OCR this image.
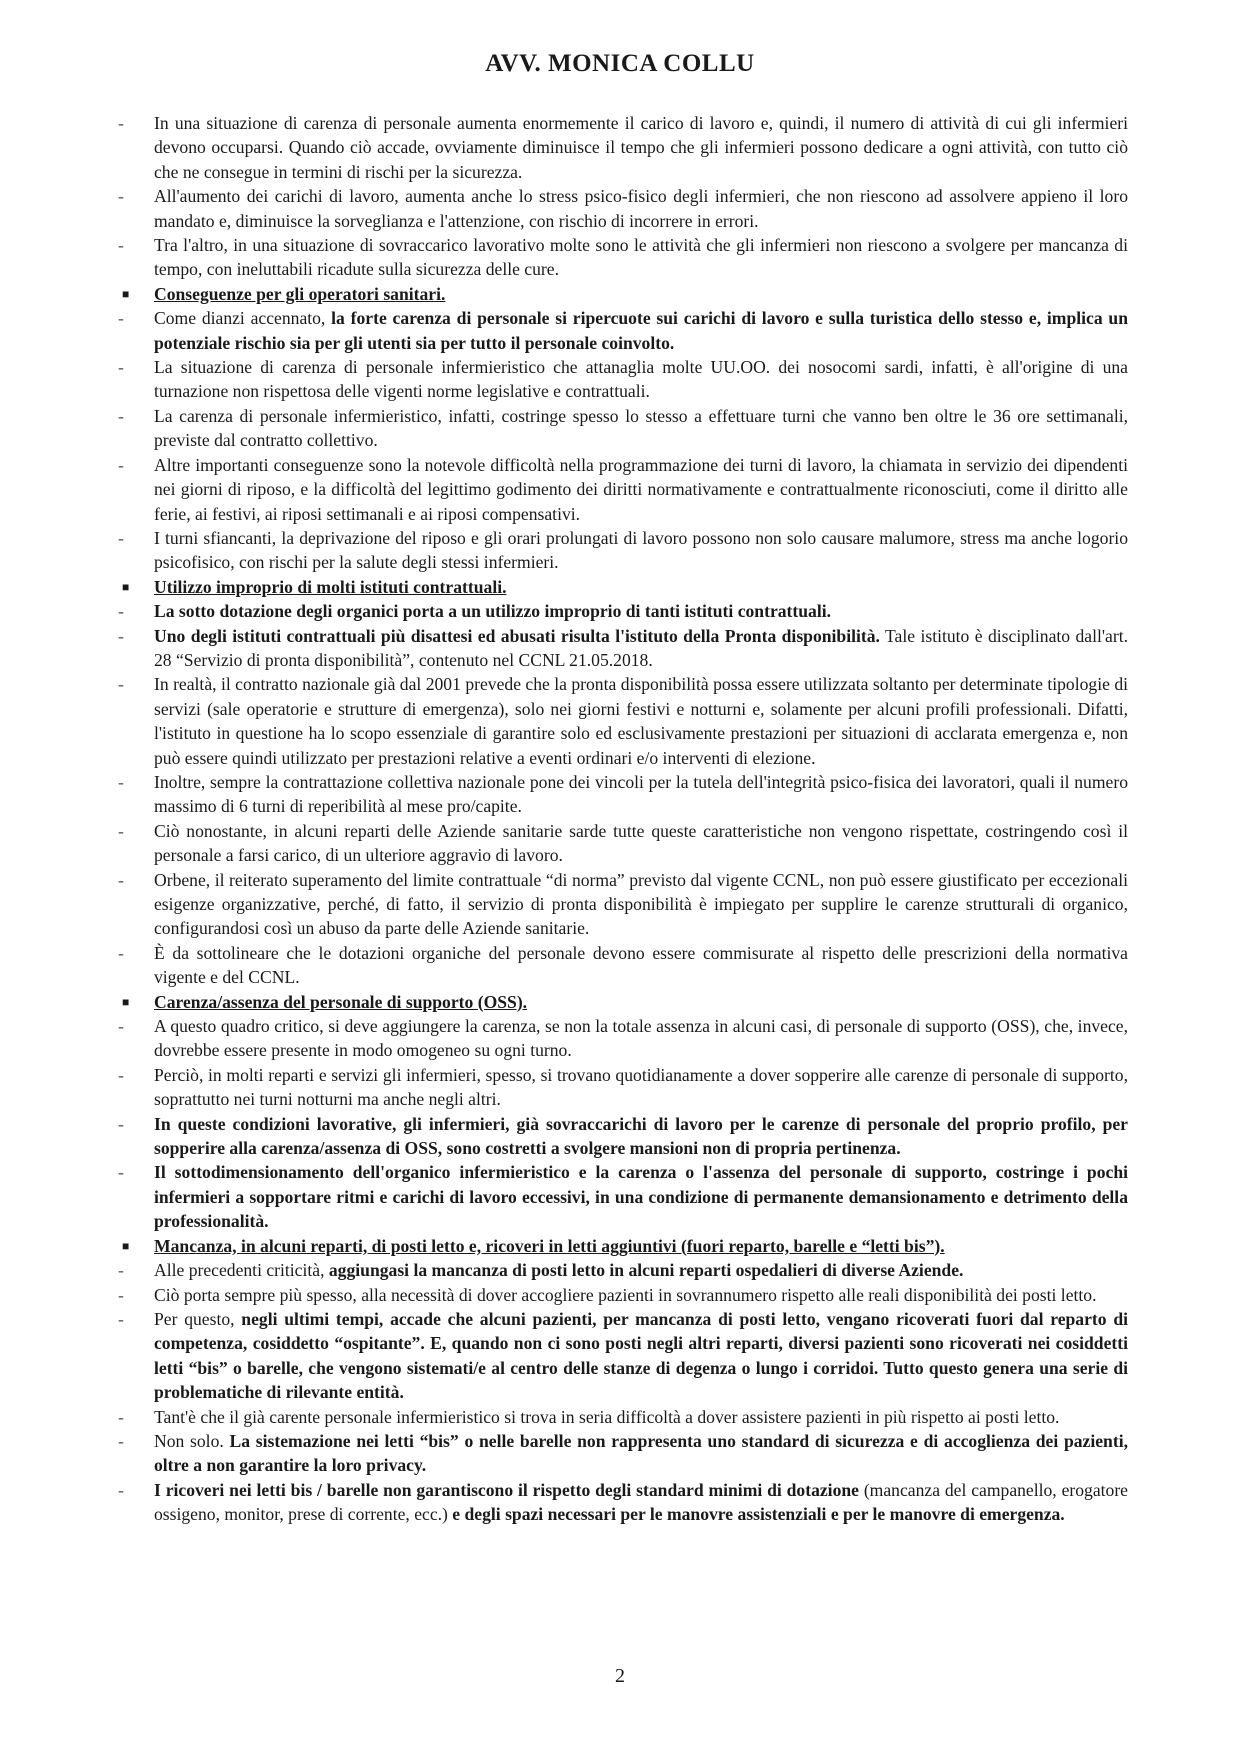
AVV. MONICA COLLU
-	In una situazione di carenza di personale aumenta enormemente il carico di lavoro e, quindi, il numero di attività di cui gli infermieri devono occuparsi. Quando ciò accade, ovviamente diminuisce il tempo che gli infermieri possono dedicare a ogni attività, con tutto ciò che ne consegue in termini di rischi per la sicurezza.
-	All'aumento dei carichi di lavoro, aumenta anche lo stress psico-fisico degli infermieri, che non riescono ad assolvere appieno il loro mandato e, diminuisce la sorveglianza e l'attenzione, con rischio di incorrere in errori.
-	Tra l'altro, in una situazione di sovraccarico lavorativo molte sono le attività che gli infermieri non riescono a svolgere per mancanza di tempo, con ineluttabili ricadute sulla sicurezza delle cure.
■	Conseguenze per gli operatori sanitari.
-	Come dianzi accennato, la forte carenza di personale si ripercuote sui carichi di lavoro e sulla turistica dello stesso e, implica un potenziale rischio sia per gli utenti sia per tutto il personale coinvolto.
-	La situazione di carenza di personale infermieristico che attanaglia molte UU.OO. dei nosocomi sardi, infatti, è all'origine di una turnazione non rispettosa delle vigenti norme legislative e contrattuali.
-	La carenza di personale infermieristico, infatti, costringe spesso lo stesso a effettuare turni che vanno ben oltre le 36 ore settimanali, previste dal contratto collettivo.
-	Altre importanti conseguenze sono la notevole difficoltà nella programmazione dei turni di lavoro, la chiamata in servizio dei dipendenti nei giorni di riposo, e la difficoltà del legittimo godimento dei diritti normativamente e contrattualmente riconosciuti, come il diritto alle ferie, ai festivi, ai riposi settimanali e ai riposi compensativi.
-	I turni sfiancanti, la deprivazione del riposo e gli orari prolungati di lavoro possono non solo causare malumore, stress ma anche logorio psicofisico, con rischi per la salute degli stessi infermieri.
■	Utilizzo improprio di molti istituti contrattuali.
-	La sotto dotazione degli organici porta a un utilizzo improprio di tanti istituti contrattuali.
-	Uno degli istituti contrattuali più disattesi ed abusati risulta l'istituto della Pronta disponibilità. Tale istituto è disciplinato dall'art. 28 “Servizio di pronta disponibilità”, contenuto nel CCNL 21.05.2018.
-	In realtà, il contratto nazionale già dal 2001 prevede che la pronta disponibilità possa essere utilizzata soltanto per determinate tipologie di servizi (sale operatorie e strutture di emergenza), solo nei giorni festivi e notturni e, solamente per alcuni profili professionali. Difatti, l'istituto in questione ha lo scopo essenziale di garantire solo ed esclusivamente prestazioni per situazioni di acclarata emergenza e, non può essere quindi utilizzato per prestazioni relative a eventi ordinari e/o interventi di elezione.
-	Inoltre, sempre la contrattazione collettiva nazionale pone dei vincoli per la tutela dell'integrità psico-fisica dei lavoratori, quali il numero massimo di 6 turni di reperibilità al mese pro/capite.
-	Ciò nonostante, in alcuni reparti delle Aziende sanitarie sarde tutte queste caratteristiche non vengono rispettate, costringendo così il personale a farsi carico, di un ulteriore aggravio di lavoro.
-	Orbene, il reiterato superamento del limite contrattuale “di norma” previsto dal vigente CCNL, non può essere giustificato per eccezionali esigenze organizzative, perché, di fatto, il servizio di pronta disponibilità è impiegato per supplire le carenze strutturali di organico, configurandosi così un abuso da parte delle Aziende sanitarie.
-	È da sottolineare che le dotazioni organiche del personale devono essere commisurate al rispetto delle prescrizioni della normativa vigente e del CCNL.
■	Carenza/assenza del personale di supporto (OSS).
-	A questo quadro critico, si deve aggiungere la carenza, se non la totale assenza in alcuni casi, di personale di supporto (OSS), che, invece, dovrebbe essere presente in modo omogeneo su ogni turno.
-	Perciò, in molti reparti e servizi gli infermieri, spesso, si trovano quotidianamente a dover sopperire alle carenze di personale di supporto, soprattutto nei turni notturni ma anche negli altri.
-	In queste condizioni lavorative, gli infermieri, già sovraccarichi di lavoro per le carenze di personale del proprio profilo, per sopperire alla carenza/assenza di OSS, sono costretti a svolgere mansioni non di propria pertinenza.
-	Il sottodimensionamento dell'organico infermieristico e la carenza o l'assenza del personale di supporto, costringe i pochi infermieri a sopportare ritmi e carichi di lavoro eccessivi, in una condizione di permanente demansionamento e detrimento della professionalità.
■	Mancanza, in alcuni reparti, di posti letto e, ricoveri in letti aggiuntivi (fuori reparto, barelle e “letti bis”).
-	Alle precedenti criticità, aggiungasi la mancanza di posti letto in alcuni reparti ospedalieri di diverse Aziende.
-	Ciò porta sempre più spesso, alla necessità di dover accogliere pazienti in sovrannumero rispetto alle reali disponibilità dei posti letto.
-	Per questo, negli ultimi tempi, accade che alcuni pazienti, per mancanza di posti letto, vengano ricoverati fuori dal reparto di competenza, cosiddetto “ospitante”. E, quando non ci sono posti negli altri reparti, diversi pazienti sono ricoverati nei cosiddetti letti “bis” o barelle, che vengono sistemati/e al centro delle stanze di degenza o lungo i corridoi. Tutto questo genera una serie di problematiche di rilevante entità.
-	Tant'è che il già carente personale infermieristico si trova in seria difficoltà a dover assistere pazienti in più rispetto ai posti letto.
-	Non solo. La sistemazione nei letti “bis” o nelle barelle non rappresenta uno standard di sicurezza e di accoglienza dei pazienti, oltre a non garantire la loro privacy.
-	I ricoveri nei letti bis / barelle non garantiscono il rispetto degli standard minimi di dotazione (mancanza del campanello, erogatore ossigeno, monitor, prese di corrente, ecc.) e degli spazi necessari per le manovre assistenziali e per le manovre di emergenza.
2
